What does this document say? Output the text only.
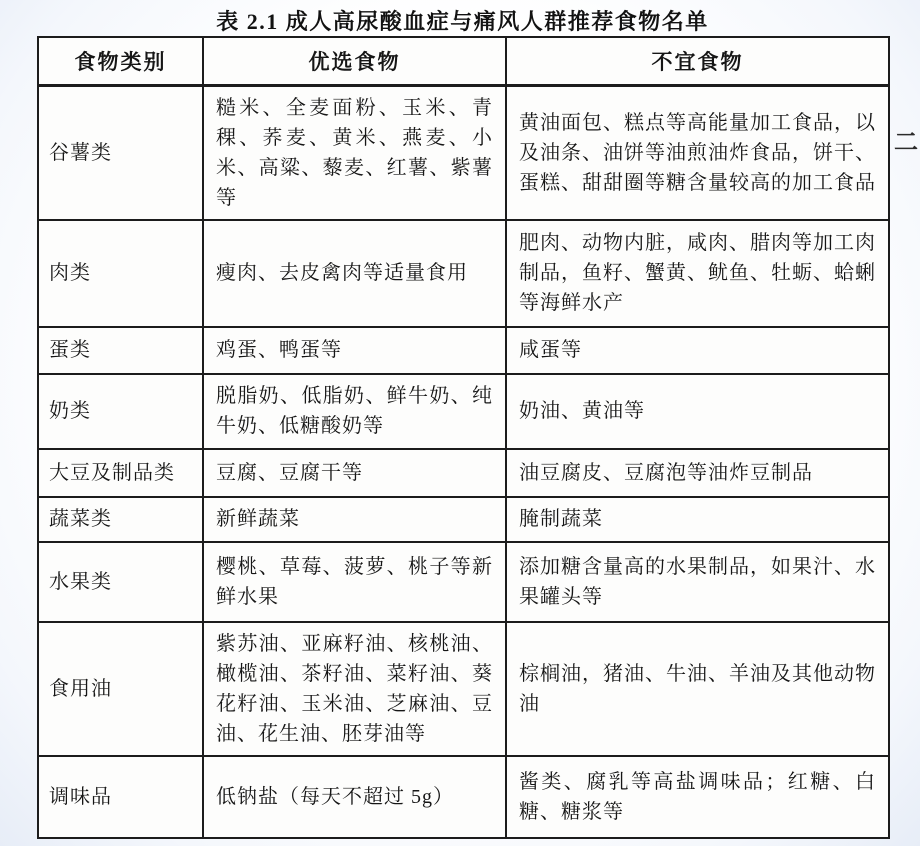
表 2.1 成人高尿酸血症与痛风人群推荐食物名单
食物类别	优选食物	不宜食物
谷薯类	糙米、全麦面粉、玉米、青稞、荞麦、黄米、燕麦、小米、高粱、藜麦、红薯、紫薯等	黄油面包、糕点等高能量加工食品，以及油条、油饼等油煎油炸食品，饼干、蛋糕、甜甜圈等糖含量较高的加工食品
肉类	瘦肉、去皮禽肉等适量食用	肥肉、动物内脏，咸肉、腊肉等加工肉制品，鱼籽、蟹黄、鱿鱼、牡蛎、蛤蜊等海鲜水产
蛋类	鸡蛋、鸭蛋等	咸蛋等
奶类	脱脂奶、低脂奶、鲜牛奶、纯牛奶、低糖酸奶等	奶油、黄油等
大豆及制品类	豆腐、豆腐干等	油豆腐皮、豆腐泡等油炸豆制品
蔬菜类	新鲜蔬菜	腌制蔬菜
水果类	樱桃、草莓、菠萝、桃子等新鲜水果	添加糖含量高的水果制品，如果汁、水果罐头等
食用油	紫苏油、亚麻籽油、核桃油、橄榄油、茶籽油、菜籽油、葵花籽油、玉米油、芝麻油、豆油、花生油、胚芽油等	棕榈油，猪油、牛油、羊油及其他动物油
调味品	低钠盐（每天不超过 5g）	酱类、腐乳等高盐调味品；红糖、白糖、糖浆等
二
